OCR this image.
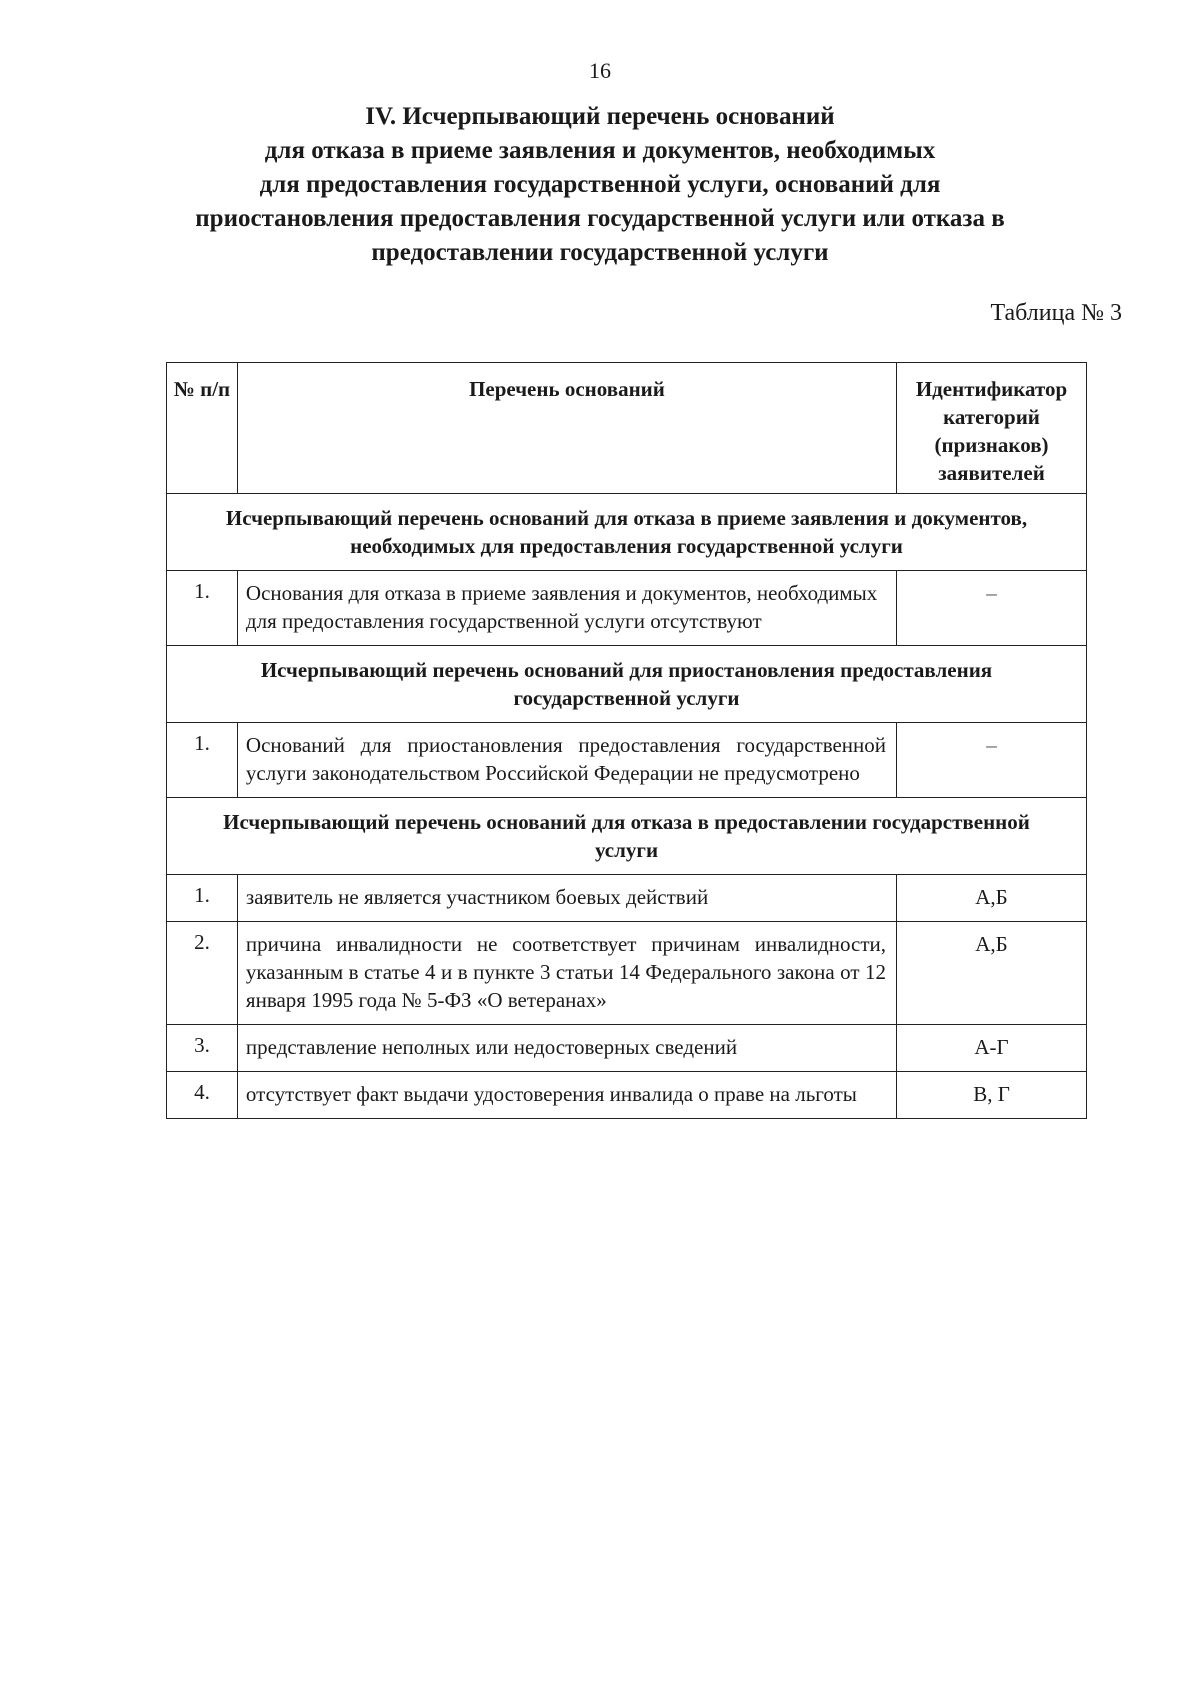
16
IV. Исчерпывающий перечень оснований
для отказа в приеме заявления и документов, необходимых
для предоставления государственной услуги, оснований для
приостановления предоставления государственной услуги или отказа в
предоставлении государственной услуги
Таблица № 3
№ п/п	Перечень оснований	Идентификатор категорий (признаков) заявителей
Исчерпывающий перечень оснований для отказа в приеме заявления и документов, необходимых для предоставления государственной услуги		
1.	Основания для отказа в приеме заявления и документов, необходимых для предоставления государственной услуги отсутствуют	–
Исчерпывающий перечень оснований для приостановления предоставления государственной услуги		
1.	Оснований для приостановления предоставления государственной услуги законодательством Российской Федерации не предусмотрено	–
Исчерпывающий перечень оснований для отказа в предоставлении государственной услуги		
1.	заявитель не является участником боевых действий	А,Б
2.	причина инвалидности не соответствует причинам инвалидности, указанным в статье 4 и в пункте 3 статьи 14 Федерального закона от 12 января 1995 года № 5-ФЗ «О ветеранах»	А,Б
3.	представление неполных или недостоверных сведений	А-Г
4.	отсутствует факт выдачи удостоверения инвалида о праве на льготы	В, Г
